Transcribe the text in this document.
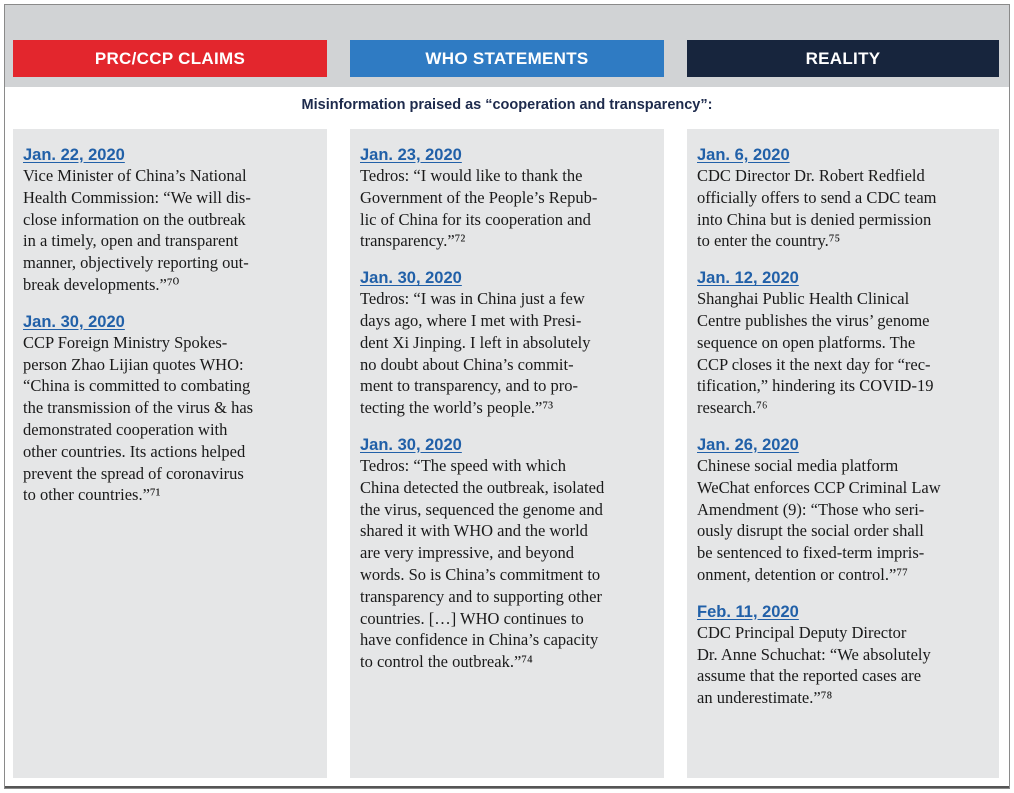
PRC/CCP CLAIMS	WHO STATEMENTS	REALITY
Misinformation praised as “cooperation and transparency”:
Jan. 22, 2020
Vice Minister of China’s National
Health Commission: “We will dis-
close information on the outbreak
in a timely, open and transparent
manner, objectively reporting out-
break developments.”⁷⁰
Jan. 30, 2020
CCP Foreign Ministry Spokes-
person Zhao Lijian quotes WHO:
“China is committed to combating
the transmission of the virus & has
demonstrated cooperation with
other countries. Its actions helped
prevent the spread of coronavirus
to other countries.”⁷¹
Jan. 23, 2020
Tedros: “I would like to thank the
Government of the People’s Repub-
lic of China for its cooperation and
transparency.”⁷²
Jan. 30, 2020
Tedros: “I was in China just a few
days ago, where I met with Presi-
dent Xi Jinping. I left in absolutely
no doubt about China’s commit-
ment to transparency, and to pro-
tecting the world’s people.”⁷³
Jan. 30, 2020
Tedros: “The speed with which
China detected the outbreak, isolated
the virus, sequenced the genome and
shared it with WHO and the world
are very impressive, and beyond
words. So is China’s commitment to
transparency and to supporting other
countries. […] WHO continues to
have confidence in China’s capacity
to control the outbreak.”⁷⁴
Jan. 6, 2020
CDC Director Dr. Robert Redfield
officially offers to send a CDC team
into China but is denied permission
to enter the country.⁷⁵
Jan. 12, 2020
Shanghai Public Health Clinical
Centre publishes the virus’ genome
sequence on open platforms. The
CCP closes it the next day for “rec-
tification,” hindering its COVID-19
research.⁷⁶
Jan. 26, 2020
Chinese social media platform
WeChat enforces CCP Criminal Law
Amendment (9): “Those who seri-
ously disrupt the social order shall
be sentenced to fixed-term impris-
onment, detention or control.”⁷⁷
Feb. 11, 2020
CDC Principal Deputy Director
Dr. Anne Schuchat: “We absolutely
assume that the reported cases are
an underestimate.”⁷⁸
